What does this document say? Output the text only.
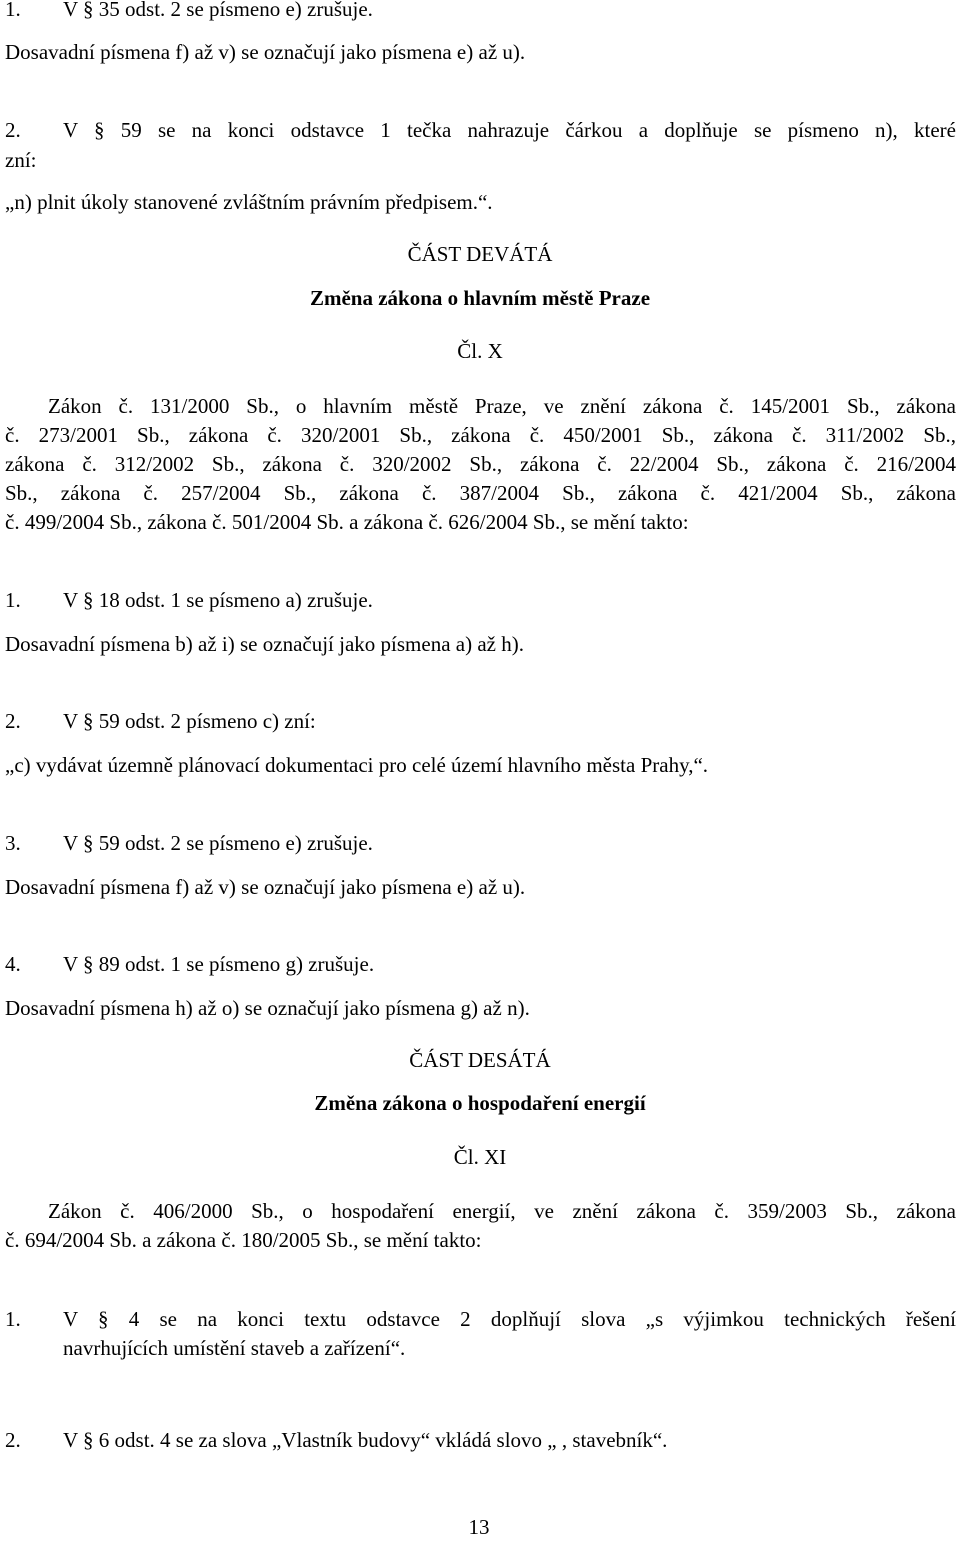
1. V § 35 odst. 2 se písmeno e) zrušuje.
Dosavadní písmena f) až v) se označují jako písmena e) až u).
2. V § 59 se na konci odstavce 1 tečka nahrazuje čárkou a doplňuje se písmeno n), které
zní:
„n) plnit úkoly stanovené zvláštním právním předpisem.“.
ČÁST DEVÁTÁ
Změna zákona o hlavním městě Praze
Čl. X
Zákon č. 131/2000 Sb., o hlavním městě Praze, ve znění zákona č. 145/2001 Sb., zákona
č. 273/2001 Sb., zákona č. 320/2001 Sb., zákona č. 450/2001 Sb., zákona č. 311/2002 Sb.,
zákona č. 312/2002 Sb., zákona č. 320/2002 Sb., zákona č. 22/2004 Sb., zákona č. 216/2004
Sb., zákona č. 257/2004 Sb., zákona č. 387/2004 Sb., zákona č. 421/2004 Sb., zákona
č. 499/2004 Sb., zákona č. 501/2004 Sb. a zákona č. 626/2004 Sb., se mění takto:
1. V § 18 odst. 1 se písmeno a) zrušuje.
Dosavadní písmena b) až i) se označují jako písmena a) až h).
2. V § 59 odst. 2 písmeno c) zní:
„c) vydávat územně plánovací dokumentaci pro celé území hlavního města Prahy,“.
3. V § 59 odst. 2 se písmeno e) zrušuje.
Dosavadní písmena f) až v) se označují jako písmena e) až u).
4. V § 89 odst. 1 se písmeno g) zrušuje.
Dosavadní písmena h) až o) se označují jako písmena g) až n).
ČÁST DESÁTÁ
Změna zákona o hospodaření energií
Čl. XI
Zákon č. 406/2000 Sb., o hospodaření energií, ve znění zákona č. 359/2003 Sb., zákona
č. 694/2004 Sb. a zákona č. 180/2005 Sb., se mění takto:
1. V § 4 se na konci textu odstavce 2 doplňují slova „s výjimkou technických řešení
navrhujících umístění staveb a zařízení“.
2. V § 6 odst. 4 se za slova „Vlastník budovy“ vkládá slovo „ , stavebník“.
13
